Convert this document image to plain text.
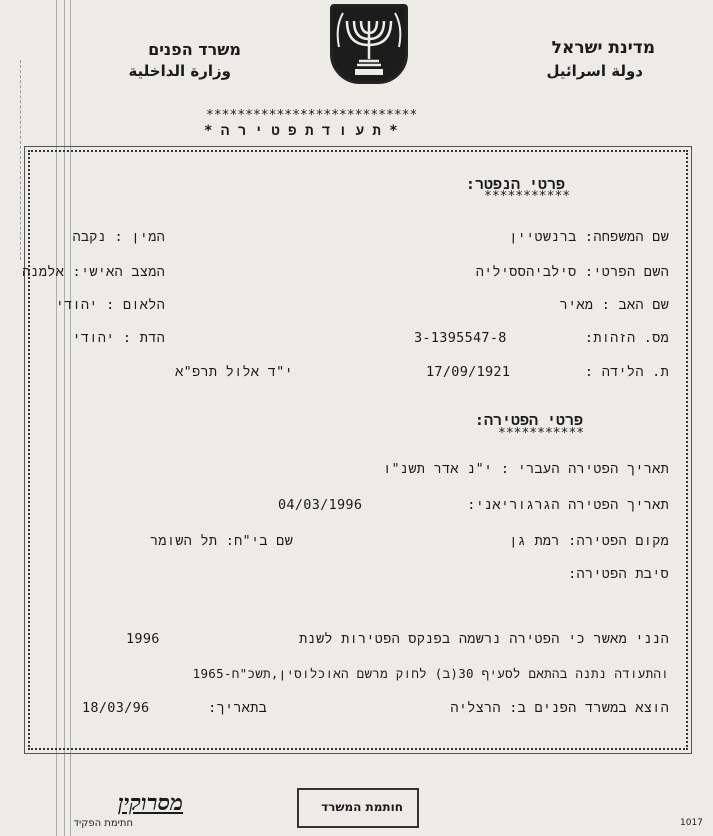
מדינת ישראל
دولة اسرائيل
משרד הפנים
وزارة الداخلية
***************************
* ת ע ו ד ת פ ט י ר ה *
פרטי הנפטר:
***********
שם המשפחה: ברנשטיין
המין : נקבה
השם הפרטי: סילביהססיליה
המצב האישי: אלמנה
שם האב : מאיר
הלאום : יהודי
מס. הזהות:
3-1395547-8
הדת : יהודי
ת. הלידה :
17/09/1921
י"ד אלול תרפ"א
פרטי הפטירה:
***********
תאריך הפטירה העברי : י"נ אדר תשנ"ו
תאריך הפטירה הגרגוריאני:
04/03/1996
מקום הפטירה: רמת גן
שם בי"ח: תל השומר
סיבת הפטירה:
הנני מאשר כי הפטירה נרשמה בפנקס הפטירות לשנת
1996
והתעודה נתנה בהתאם לסעיף 30(ב) לחוק מרשם האוכלוסין,תשכ"ח-1965
הוצא במשרד הפנים ב: הרצליה
בתאריך:
18/03/96
חותמת המשרד
מסרוקין
חתימת הפקיד	1017
